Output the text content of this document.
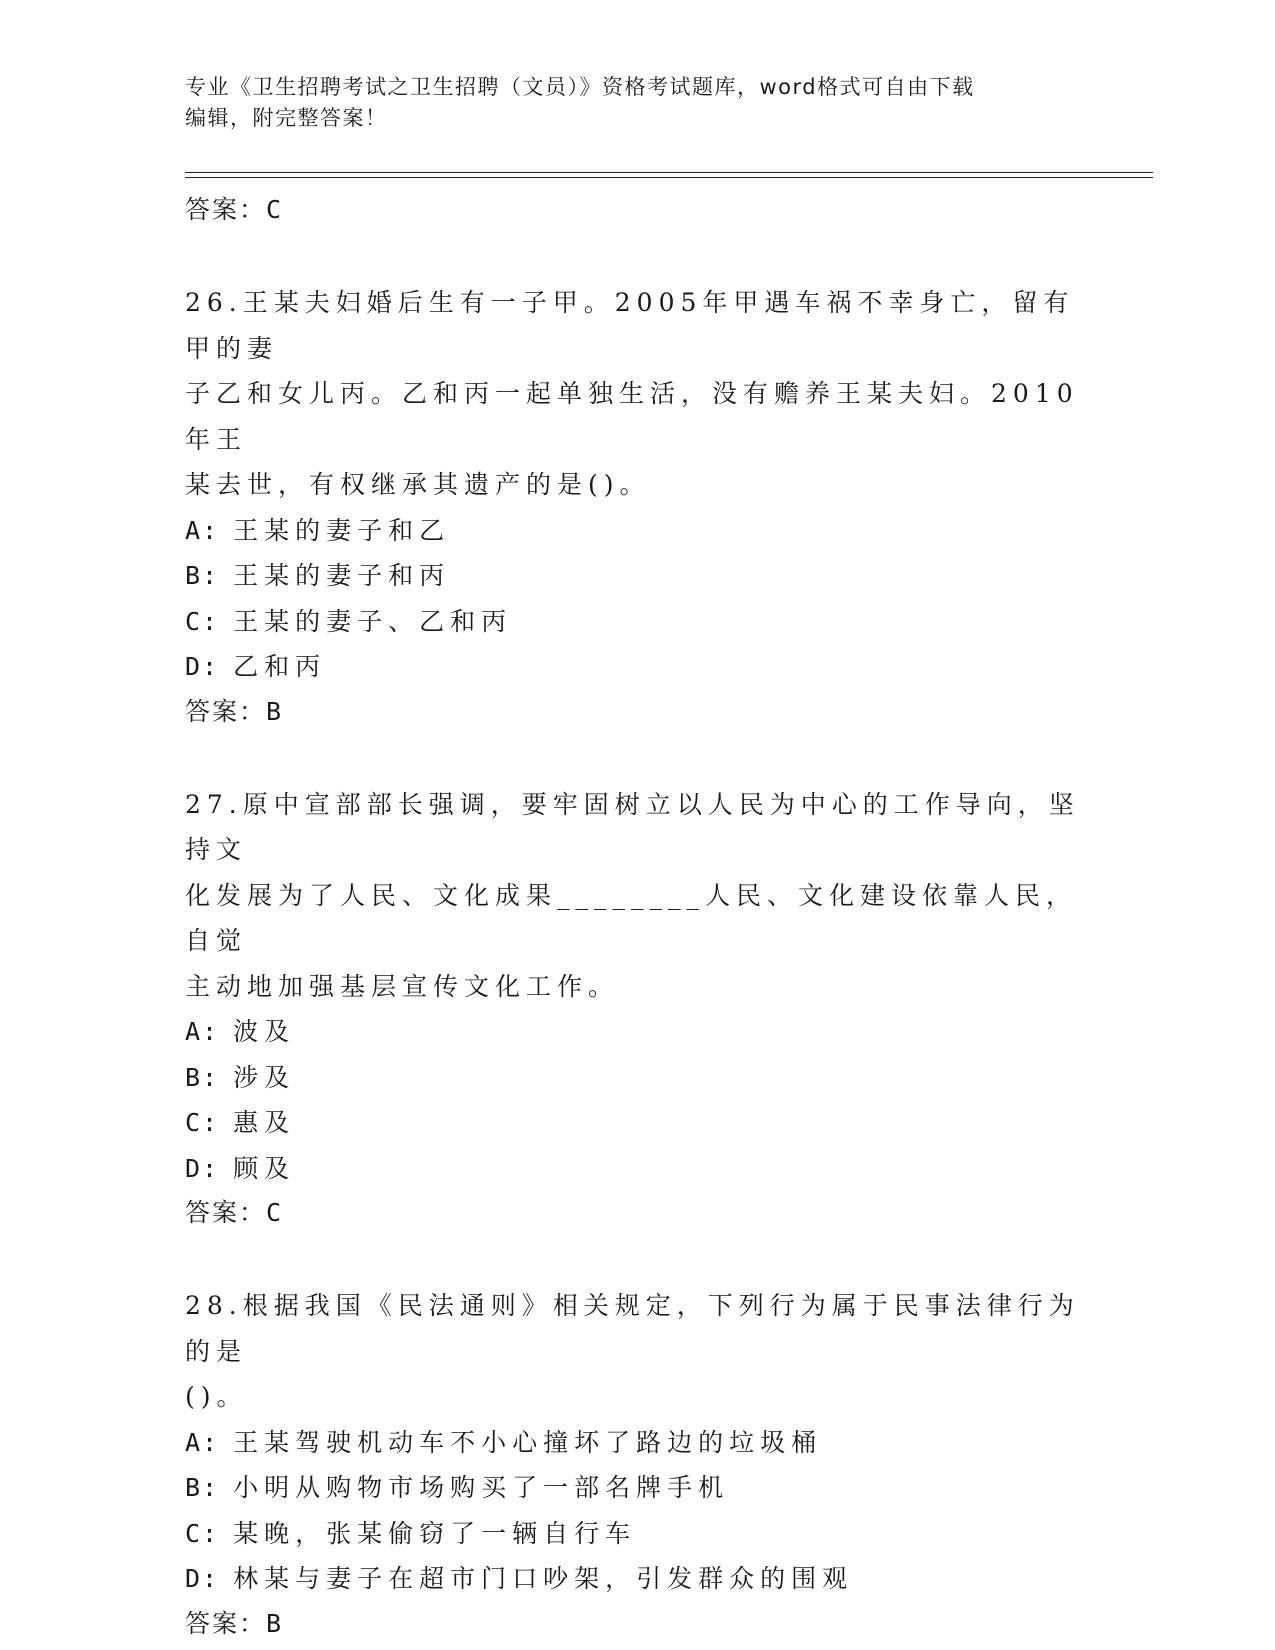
专业《卫生招聘考试之卫生招聘（文员）》资格考试题库，word格式可自由下载
编辑，附完整答案！
答案：C
26.王某夫妇婚后生有一子甲。2005年甲遇车祸不幸身亡，留有甲的妻
子乙和女儿丙。乙和丙一起单独生活，没有赡养王某夫妇。2010年王
某去世，有权继承其遗产的是()。
A: 王某的妻子和乙
B: 王某的妻子和丙
C: 王某的妻子、乙和丙
D: 乙和丙
答案：B
27.原中宣部部长强调，要牢固树立以人民为中心的工作导向，坚持文
化发展为了人民、文化成果________人民、文化建设依靠人民，自觉
主动地加强基层宣传文化工作。
A: 波及
B: 涉及
C: 惠及
D: 顾及
答案：C
28.根据我国《民法通则》相关规定，下列行为属于民事法律行为的是
()。
A: 王某驾驶机动车不小心撞坏了路边的垃圾桶
B: 小明从购物市场购买了一部名牌手机
C: 某晚，张某偷窃了一辆自行车
D: 林某与妻子在超市门口吵架，引发群众的围观
答案：B
